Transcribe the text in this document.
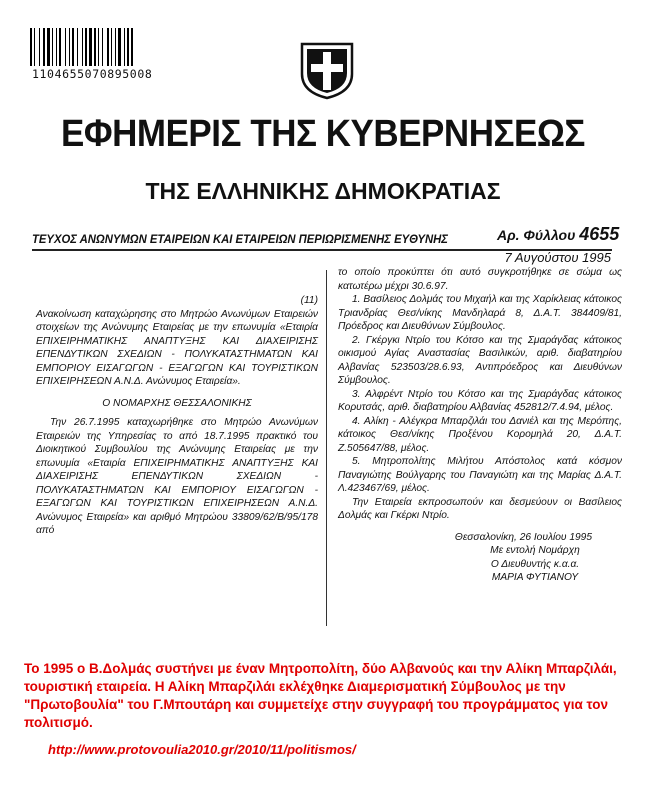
1104655070895008
ΕΦΗΜΕΡΙΣ ΤΗΣ ΚΥΒΕΡΝΗΣΕΩΣ
ΤΗΣ ΕΛΛΗΝΙΚΗΣ ΔΗΜΟΚΡΑΤΙΑΣ
ΤΕΥΧΟΣ ΑΝΩΝΥΜΩΝ ΕΤΑΙΡΕΙΩΝ ΚΑΙ ΕΤΑΙΡΕΙΩΝ ΠΕΡΙΩΡΙΣΜΕΝΗΣ ΕΥΘΥΝΗΣ	Αρ. Φύλλου 4655
7 Αυγούστου 1995

(11)

Ανακοίνωση καταχώρησης στο Μητρώο Ανωνύμων Εταιρειών στοιχείων της Ανώνυμης Εταιρείας με την επωνυμία «Εταιρία ΕΠΙΧΕΙΡΗΜΑΤΙΚΗΣ ΑΝΑΠΤΥΞΗΣ ΚΑΙ ΔΙΑΧΕΙΡΙΣΗΣ ΕΠΕΝΔΥΤΙΚΩΝ ΣΧΕΔΙΩΝ - ΠΟΛΥΚΑΤΑΣΤΗΜΑΤΩΝ ΚΑΙ ΕΜΠΟΡΙΟΥ ΕΙΣΑΓΩΓΩΝ - ΕΞΑΓΩΓΩΝ ΚΑΙ ΤΟΥΡΙΣΤΙΚΩΝ ΕΠΙΧΕΙΡΗΣΕΩΝ Α.Ν.Δ. Ανώνυμος Εταιρεία».

Ο ΝΟΜΑΡΧΗΣ ΘΕΣΣΑΛΟΝΙΚΗΣ

Την 26.7.1995 καταχωρήθηκε στο Μητρώο Ανωνύμων Εταιρειών της Υπηρεσίας το από 18.7.1995 πρακτικό του Διοικητικού Συμβουλίου της Ανώνυμης Εταιρείας με την επωνυμία «Εταιρία ΕΠΙΧΕΙΡΗΜΑΤΙΚΗΣ ΑΝΑΠΤΥΞΗΣ ΚΑΙ ΔΙΑΧΕΙΡΙΣΗΣ ΕΠΕΝΔΥΤΙΚΩΝ ΣΧΕΔΙΩΝ - ΠΟΛΥΚΑΤΑΣΤΗΜΑΤΩΝ ΚΑΙ ΕΜΠΟΡΙΟΥ ΕΙΣΑΓΩΓΩΝ - ΕΞΑΓΩΓΩΝ ΚΑΙ ΤΟΥΡΙΣΤΙΚΩΝ ΕΠΙΧΕΙΡΗΣΕΩΝ Α.Ν.Δ. Ανώνυμος Εταιρεία» και αριθμό Μητρώου 33809/62/Β/95/178 από

το οποίο προκύπτει ότι αυτό συγκροτήθηκε σε σώμα ως κατωτέρω μέχρι 30.6.97.

1. Βασίλειος Δολμάς του Μιχαήλ και της Χαρίκλειας κάτοικος Τριανδρίας Θεσ/νίκης Μανδηλαρά 8, Δ.Α.Τ. 384409/81, Πρόεδρος και Διευθύνων Σύμβουλος.

2. Γκέργκι Ντρίο του Κότσο και της Σμαράγδας κάτοικος οικισμού Αγίας Αναστασίας Βασιλικών, αριθ. διαβατηρίου Αλβανίας 523503/28.6.93, Αντιπρόεδρος και Διευθύνων Σύμβουλος.

3. Αλφρέντ Ντρίο του Κότσο και της Σμαράγδας κάτοικος Κορυτσάς, αριθ. διαβατηρίου Αλβανίας 452812/7.4.94, μέλος.

4. Αλίκη - Αλέγκρα Μπαρζιλάι του Δανιέλ και της Μερόπης, κάτοικος Θεσ/νίκης Προξένου Κορομηλά 20, Δ.Α.Τ. Ζ.505647/88, μέλος.

5. Μητροπολίτης Μιλήτου Απόστολος κατά κόσμον Παναγιώτης Βούλγαρης του Παναγιώτη και της Μαρίας Δ.Α.Τ. Λ.423467/69, μέλος.

Την Εταιρεία εκπροσωπούν και δεσμεύουν οι Βασίλειος Δολμάς και Γκέρκι Ντρίο.

Θεσσαλονίκη, 26 Ιουλίου 1995

Με εντολή Νομάρχη

Ο Διευθυντής κ.α.α.

ΜΑΡΙΑ ΦΥΤΙΑΝΟΥ

Το 1995 ο Β.Δολμάς συστήνει με έναν Μητροπολίτη, δύο Αλβανούς και την Αλίκη Μπαρζιλάι, τουριστική εταιρεία. Η Αλίκη Μπαρζιλάι εκλέχθηκε Διαμερισματική Σύμβουλος με την "Πρωτοβουλία" του Γ.Μπουτάρη και συμμετείχε στην συγγραφή του προγράμματος για τον πολιτισμό.
http://www.protovoulia2010.gr/2010/11/politismos/
